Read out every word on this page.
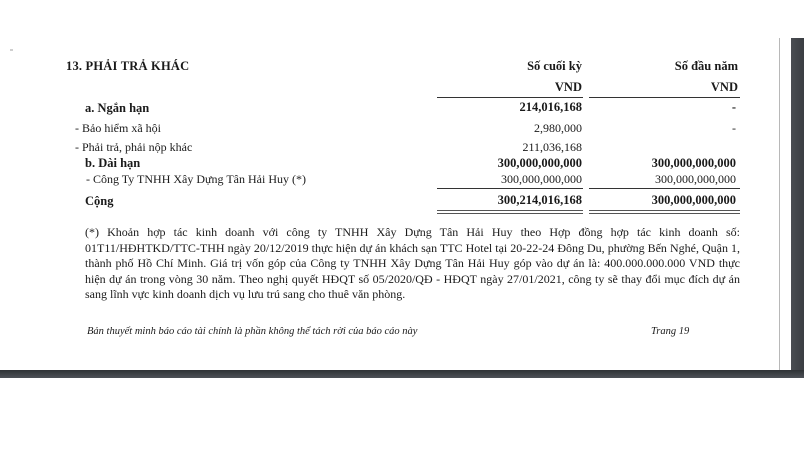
13. PHẢI TRẢ KHÁC	Số cuối kỳ	Số đầu năm
VND	VND
a. Ngắn hạn	214,016,168	-
- Bảo hiểm xã hội	2,980,000	-
- Phải trả, phải nộp khác	211,036,168
b. Dài hạn	300,000,000,000	300,000,000,000
- Công Ty TNHH Xây Dựng Tân Hải Huy (*)	300,000,000,000	300,000,000,000
Cộng	300,214,016,168	300,000,000,000

(*) Khoản hợp tác kinh doanh với công ty TNHH Xây Dựng Tân Hải Huy theo Hợp đồng hợp tác kinh doanh số: 01T11/HĐHTKD/TTC-THH ngày 20/12/2019 thực hiện dự án khách sạn TTC Hotel tại 20-22-24 Đông Du, phường Bến Nghé, Quận 1, thành phố Hồ Chí Minh. Giá trị vốn góp của Công ty TNHH Xây Dựng Tân Hải Huy góp vào dự án là: 400.000.000.000 VND thực hiện dự án trong vòng 30 năm. Theo nghị quyết HĐQT số 05/2020/QĐ - HĐQT ngày 27/01/2021, công ty sẽ thay đổi mục đích dự án sang lĩnh vực kinh doanh dịch vụ lưu trú sang cho thuê văn phòng.

Bản thuyết minh báo cáo tài chính là phần không thể tách rời của báo cáo này	Trang 19
